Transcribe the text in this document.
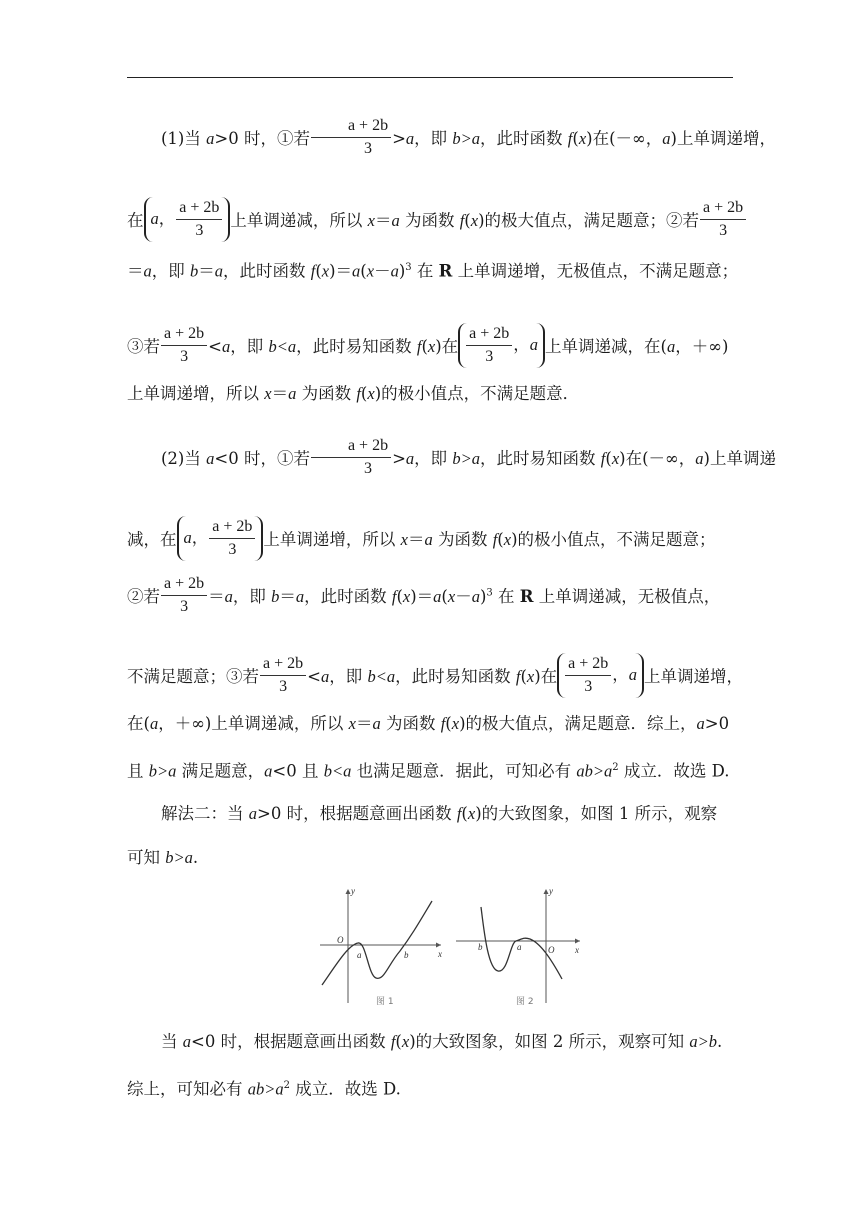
(1)当 a>0 时，①若 $\frac{a + 2b}{3} >a$，即 b>a，此时函数 f(x)在(－∞，a)上单调递增，
在 a， $\frac{a + 2b}{3}$ 上单调递减，所以 x＝a 为函数 f(x)的极大值点，满足题意；②若 $\frac{a + 2b}{3}$
＝a，即 b＝a，此时函数 $f(x)=a(x-a)^3$ 在 R 上单调递增，无极值点，不满足题意；
③若 $\frac{a + 2b}{3} <a$，即 b<a，此时易知函数 f(x)在 $\frac{a + 2b}{3}$ ，a 上单调递减，在(a，＋∞)
上单调递增，所以 x＝a 为函数 f(x)的极小值点，不满足题意．
(2)当 a<0 时，①若 $\frac{a + 2b}{3} >a$，即 b>a，此时易知函数 f(x)在(－∞，a)上单调递
减，在 a， $\frac{a + 2b}{3}$ 上单调递增，所以 x＝a 为函数 f(x)的极小值点，不满足题意；
②若 $\frac{a + 2b}{3} =a$，即 b＝a，此时函数 $f(x)=a(x-a)^3$ 在 R 上单调递减，无极值点，
不满足题意；③若 $\frac{a + 2b}{3} <a$，即 b<a，此时易知函数 f(x)在 $\frac{a + 2b}{3}$ ，a 上单调递增，
在(a，＋∞)上单调递减，所以 x＝a 为函数 f(x)的极大值点，满足题意．综上，a>0
且 b>a 满足题意，a<0 且 b<a 也满足题意．据此，可知必有 $ab>a^2$ 成立．故选 D.
解法二：当 a>0 时，根据题意画出函数 f(x)的大致图象，如图 1 所示，观察
可知 b>a.
y
x
O
a	b
图 1
y
x
O
a
b
图 2
当 a<0 时，根据题意画出函数 f(x)的大致图象，如图 2 所示，观察可知 a>b.
综上，可知必有 $ab>a^2$ 成立．故选 D.
